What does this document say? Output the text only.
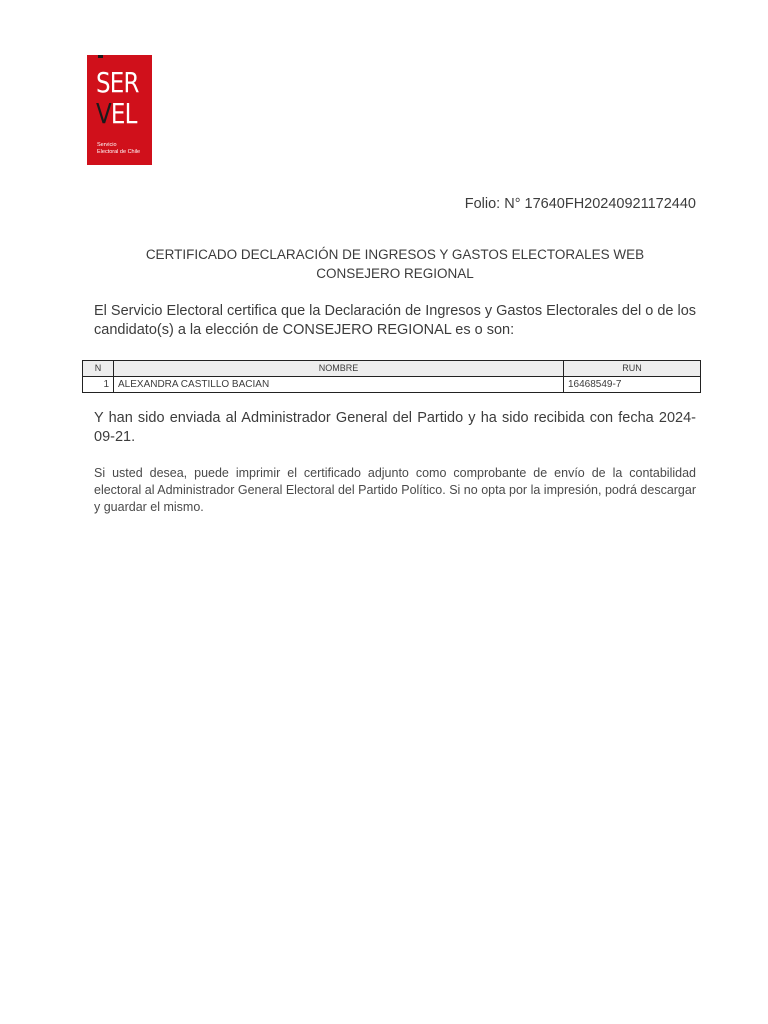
SER
VEL
Servicio
Electoral de Chile
Folio: N° 17640FH20240921172440
CERTIFICADO DECLARACIÓN DE INGRESOS Y GASTOS ELECTORALES WEB
CONSEJERO REGIONAL
El Servicio Electoral certifica que la Declaración de Ingresos y Gastos Electorales del o de los candidato(s) a la elección de CONSEJERO REGIONAL es o son:
N	NOMBRE	RUN
1	ALEXANDRA CASTILLO BACIAN	16468549-7
Y han sido enviada al Administrador General del Partido y ha sido recibida con fecha 2024-09-21.
Si usted desea, puede imprimir el certificado adjunto como comprobante de envío de la contabilidad electoral al Administrador General Electoral del Partido Político. Si no opta por la impresión, podrá descargar y guardar el mismo.
